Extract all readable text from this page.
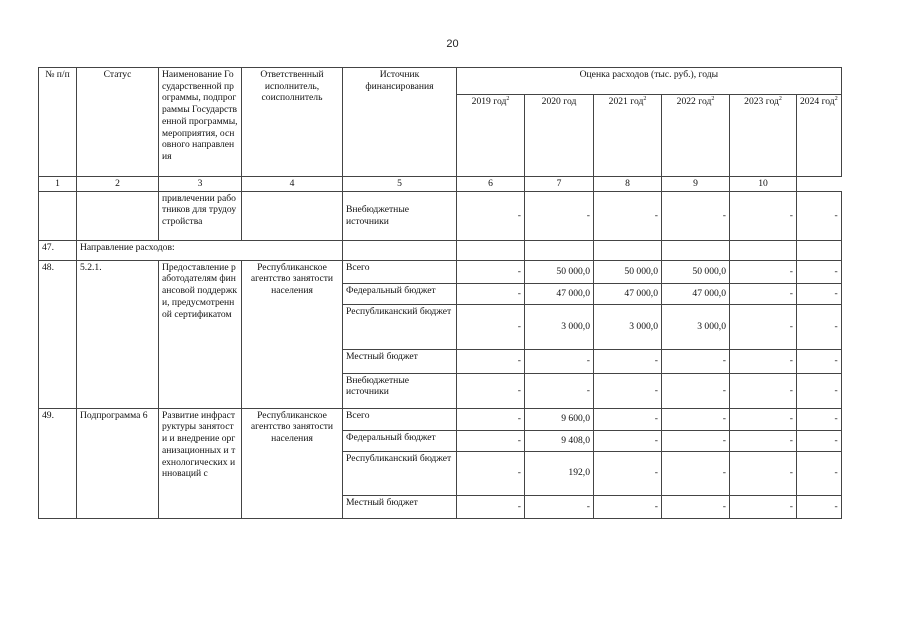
20
№ п/п	Статус	Наименование Государственной программы, подпрограммы Государственной программы, мероприятия, основного направления	Ответственный исполнитель, соисполнитель	Источник финансирования	Оценка расходов (тыс. руб.), годы					
					2019 год$^2$	2020 год	2021 год$^2$	2022 год$^2$	2023 год$^2$	2024 год$^2$
1	2	3	4	5	6	7	8	9	10	
		привлечении работников для трудоустройства		Внебюджетные источники	-	-	-	-	-	-
47.	Направление расходов:									
48.	5.2.1.	Предоставление работодателям финансовой поддержки, предусмотренной сертификатом	Республиканское агентство занятости населения	Всего	-	50 000,0	50 000,0	50 000,0	-	-
				Федеральный бюджет	-	47 000,0	47 000,0	47 000,0	-	-
				Республиканский бюджет	-	3 000,0	3 000,0	3 000,0	-	-
				Местный бюджет	-	-	-	-	-	-
				Внебюджетные источники	-	-	-	-	-	-
49.	Подпрограмма 6	Развитие инфраструктуры занятости и внедрение организационных и технологических инноваций с	Республиканское агентство занятости населения	Всего	-	9 600,0	-	-	-	-
				Федеральный бюджет	-	9 408,0	-	-	-	-
				Республиканский бюджет	-	192,0	-	-	-	-
				Местный бюджет	-	-	-	-	-	-
